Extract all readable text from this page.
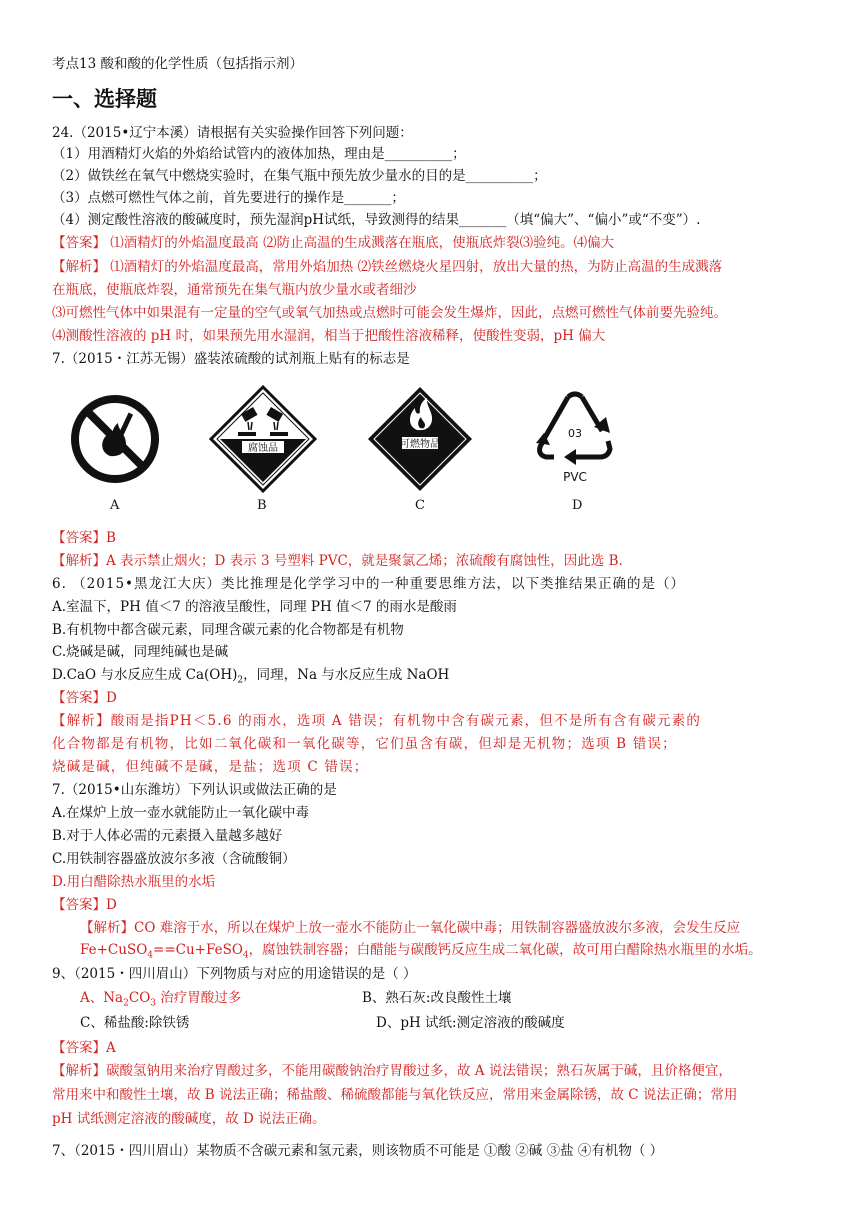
考点13 酸和酸的化学性质（包括指示剂）
一、选择题
24.（2015•辽宁本溪）请根据有关实验操作回答下列问题：
（1）用酒精灯火焰的外焰给试管内的液体加热，理由是__________；
（2）做铁丝在氧气中燃烧实验时，在集气瓶中预先放少量水的目的是__________；
（3）点燃可燃性气体之前，首先要进行的操作是_______；
（4）测定酸性溶液的酸碱度时，预先湿润pH试纸，导致测得的结果_______（填“偏大”、“偏小”或“不变”）.
【答案】 ⑴酒精灯的外焰温度最高 ⑵防止高温的生成溅落在瓶底，使瓶底炸裂⑶验纯。⑷偏大
【解析】 ⑴酒精灯的外焰温度最高，常用外焰加热 ⑵铁丝燃烧火星四射，放出大量的热，为防止高温的生成溅落
在瓶底，使瓶底炸裂，通常预先在集气瓶内放少量水或者细沙
⑶可燃性气体中如果混有一定量的空气或氧气加热或点燃时可能会发生爆炸，因此，点燃可燃性气体前要先验纯。
⑷测酸性溶液的 pH 时，如果预先用水湿润，相当于把酸性溶液稀释，使酸性变弱，pH 偏大
7.（2015・江苏无锡）盛装浓硫酸的试剂瓶上贴有的标志是
A
腐蚀品
B
可燃物品
C
03
PVC
D
【答案】B
【解析】A 表示禁止烟火；D 表示 3 号塑料 PVC，就是聚氯乙烯；浓硫酸有腐蚀性，因此选 B.
6. （2015•黑龙江大庆）类比推理是化学学习中的一种重要思维方法，以下类推结果正确的是（）
A.室温下，PH 值＜7 的溶液呈酸性，同理 PH 值＜7 的雨水是酸雨
B.有机物中都含碳元素，同理含碳元素的化合物都是有机物
C.烧碱是碱，同理纯碱也是碱
D.CaO 与水反应生成 $Ca(OH)_2$，同理，Na 与水反应生成 NaOH
【答案】D
【解析】酸雨是指PH＜5.6 的雨水，选项 A 错误；有机物中含有碳元素，但不是所有含有碳元素的
化合物都是有机物，比如二氧化碳和一氧化碳等，它们虽含有碳，但却是无机物；选项 B 错误；
烧碱是碱，但纯碱不是碱，是盐；选项 C 错误；
7.（2015•山东潍坊）下列认识或做法正确的是
A.在煤炉上放一壶水就能防止一氧化碳中毒
B.对于人体必需的元素摄入量越多越好
C.用铁制容器盛放波尔多液（含硫酸铜）
D.用白醋除热水瓶里的水垢
【答案】D
【解析】CO 难溶于水，所以在煤炉上放一壶水不能防止一氧化碳中毒；用铁制容器盛放波尔多液，会发生反应
Fe+CuSO$_4$==Cu+FeSO$_4$，腐蚀铁制容器；白醋能与碳酸钙反应生成二氧化碳，故可用白醋除热水瓶里的水垢。
9、（2015・四川眉山）下列物质与对应的用途错误的是（ ）
A、$Na_2CO_3$ 治疗胃酸过多	B、熟石灰:改良酸性土壤
C、稀盐酸:除铁锈	D、pH 试纸:测定溶液的酸碱度
【答案】A
【解析】碳酸氢钠用来治疗胃酸过多，不能用碳酸钠治疗胃酸过多，故 A 说法错误；熟石灰属于碱，且价格便宜，
常用来中和酸性土壤，故 B 说法正确；稀盐酸、稀硫酸都能与氧化铁反应，常用来金属除锈，故 C 说法正确；常用
pH 试纸测定溶液的酸碱度，故 D 说法正确。
7、（2015・四川眉山）某物质不含碳元素和氢元素，则该物质不可能是 ①酸 ②碱 ③盐 ④有机物（ ）
